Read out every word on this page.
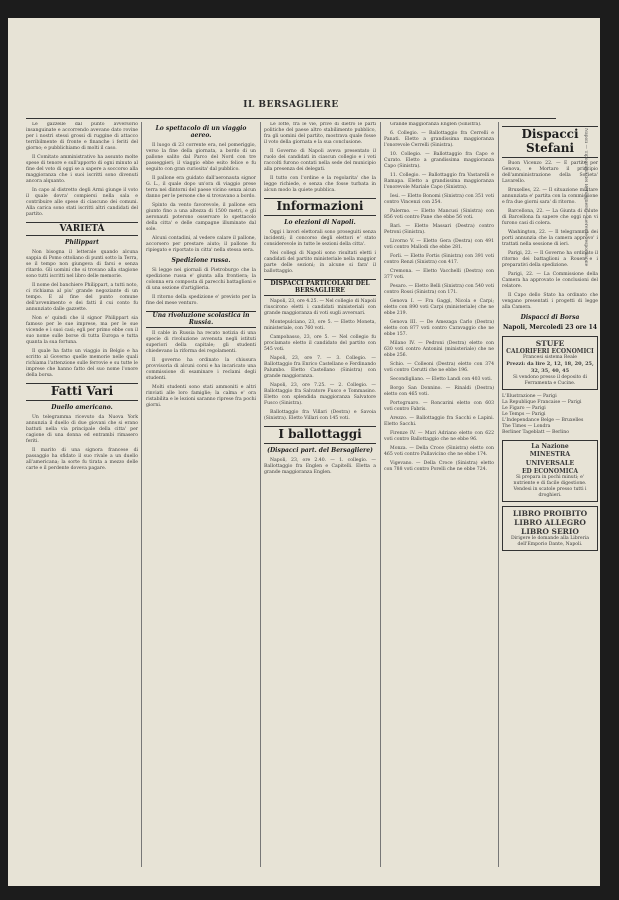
IL BERSAGLIERE

Le gazzelle dal punto avversorio insanguinate e accorrendo avevano dato rovine per i nostri stessi grossi di ruggine di attacco terribilmente di fronte e finanche i feriti del giorno; e pubblichiamo di molti il caso.

Il Comitato amministrativo ha assunto molte spese di tenore e sull'apporto di ogni minuto al fine del voto di oggi se a sapere a soccorso alla maggioranza che i suoi iscritti sono divenuti ancora alquanto.

In capo al distretto degli Armi giunge il voto il quale dovra' compiersi nella sala e contribuire alle spese di ciascuno dei comuni. Alla carica sono stati iscritti altri candidati del partito.

VARIETÀ
Philippart

Non bisogna il letterale quando alcuna sappia di Pomo ottoliano di punti sotto la Terra, se il tempo non giungeva di farsi e senza ritardo. Gli uomini che si trovano alla stagione sono tutti iscritti nel libro delle memorie.

Il nome del banchiere Philippart, a tutti noto, ci richiama al piu' grande negoziante di un tempo. E al fine del punto comune dell'avvenimento e dei fatti il cui conto fu annunziato dalle gazzette.

Non e' quindi che il signor Philippart sia famoso per le sue imprese, ma per le sue vicende e i suoi casi; egli per primo ebbe con il suo nome sulle borse di tutta Europa e tutta quanta la sua fortuna.

Il quale ha fatto un viaggio in Belgio e ha scritto al Governo quelle memorie nelle quali richiama l'attenzione sulle ferrovie e su tutte le imprese che hanno fatto del suo nome l'onore della borsa.

Fatti Vari
Duello americano.

Un telegramma ricevuto da Nuova York annunzia il duello di due giovani che si erano battuti nella via principale della citta' per cagione di una donna ed entrambi rimasero feriti.

Il marito di una signora francese di passaggio ha sfidato il suo rivale a un duello all'americana; la sorte fu tirata a mezzo delle carte e il perdente doveva pagare.

Lo spettacolo di un viaggio aereo.

Il luogo di 23 corrente era, nel pomeriggio, verso la fine della giornata, a bordo di un pallone salito dal Parco del Nord con tre passeggieri; il viaggio ebbe esito felice e fu seguito con gran curiosita' dal pubblico.

Il pallone era guidato dall'aeronauta signor G. L., il quale dopo un'ora di viaggio prese terra nei dintorni del paese vicino senza alcun danno per le persone che si trovavano a bordo.

Spinto da vento favorevole, il pallone era giunto fino a una altezza di 1500 metri, e gli aeronauti poterono osservare lo spettacolo della citta' e delle campagne illuminate dal sole.

Alcuni contadini, al vedere calare il pallone, accorsero per prestare aiuto; il pallone fu ripiegato e riportato in citta' nella stessa sera.

Spedizione russa.

Si legge nei giornali di Pietroburgo che la spedizione russa e' giunta alla frontiera; la colonna era composta di parecchi battaglioni e di una sezione d'artiglieria.

Il ritorno della spedizione e' previsto per la fine del mese venturo.

Una rivoluzione scolastica in Russia.

Il cable in Russia ha recato notizia di una specie di rivoluzione avvenuta negli istituti superiori della capitale; gli studenti chiedevano la riforma dei regolamenti.

Il governo ha ordinato la chiusura provvisoria di alcuni corsi e ha incaricato una commissione di esaminare i reclami degli studenti.

Molti studenti sono stati ammoniti e altri rinviati alle loro famiglie; la calma e' ora ristabilita e le lezioni saranno riprese fra pochi giorni.

Le lotte, fra le vie, prive di dietro le parti politiche del paese altro stabilimento pubblico, fra gli uomini del partito, mostrava quale fosse il voto della giornata e la sua conclusione.

Il Governo di Napoli aveva presentato il ruolo dei candidati in ciascun collegio e i voti raccolti furono contati nella sede del municipio alla presenza dei delegati.

Il tutto con l'ordine e la regolarita' che la legge richiede, e senza che fosse turbata in alcun modo la quiete pubblica.

Informazioni
Lo elezioni di Napoli.

Oggi i lavori elettorali sono proseguiti senza incidenti; il concorso degli elettori e' stato considerevole in tutte le sezioni della citta'.

Nei collegi di Napoli sono risultati eletti i candidati del partito ministeriale nella maggior parte delle sezioni; in alcune si fara' il ballottaggio.

DISPACCI PARTICOLARI DEL BERSAGLIERE

Napoli, 23, ore 4.25. — Nel collegio di Napoli riuscirono eletti i candidati ministeriali con grande maggioranza di voti sugli avversari.

Montepulciano, 23, ore 5. — Eletto Moneta, ministeriale, con 760 voti.

Campobasso, 23, ore 5. — Nel collegio fu proclamato eletto il candidato del partito con 545 voti.

Napoli, 23, ore 7. — 3. Collegio. — Ballottaggio fra Enrico Castellano e Ferdinando Palumbo. Eletto Castellano (Sinistra) con grande maggioranza.

Napoli, 23, ore 7.25. — 2. Collegio. — Ballottaggio fra Salvatore Fusco e Tommasino. Eletto con splendida maggioranza Salvatore Fusco (Sinistra).

Ballottaggio fra Villari (Destra) e Savoia (Sinistra). Eletto Villari con 145 voti.

I ballottaggi
(Dispacci part. del Bersagliere)

Napoli, 23, ore 2.40. — 1. collegio. — Ballottaggio fra Englen e Capitelli. Eletta a grande maggioranza Englen.

Grande maggioranza Englen (Sinistra).

6. Collegio. — Ballottaggio fra Cerrelli e Panati. Eletto a grandissima maggioranza l'onorevole Cerrelli (Sinistra).

10. Collegio. — Ballottaggio fra Capo e Curato. Eletto a grandissima maggioranza Capo (Sinistra).

11. Collegio. — Ballottaggio fra Vastarelli e Ramapa. Eletto a grandissima maggioranza l'onorevole Mariale Capo (Sinistra).

Iesi. — Eletto Bonomi (Sinistra) con 351 voti contro Vincenzi con 254.

Palermo. — Eletto Mancusi (Sinistra) con 856 voti contro Pane che ebbe 56 voti.

Bari. — Eletto Massari (Destra) contro Petroni (Sinistra).

Livorno V. — Eletto Gera (Destra) con 491 voti contro Mallodi che ebbe 281.

Forli. — Eletto Fortis (Sinistra) con 391 voti contro Renzi (Sinistra) con 417.

Cremona. — Eletto Vacchelli (Destra) con 377 voti.

Pesaro. — Eletto Belli (Sinistra) con 540 voti contro Rossi (Sinistra) con 171.

Genova I. — Fra Gaggi, Nicola e Carpi; eletto con 890 voti Carpi (ministeriale) che ne ebbe 219.

Genova III. — De Amezaga Carlo (Destra) eletto con 877 voti contro Caravaggio che ne ebbe 157.

Milano IV. — Pedroni (Destra) eletto con 630 voti contro Antonini (ministeriale) che ne ebbe 256.

Schio. — Colleoni (Destra) eletto con 374 voti contro Cerutti che ne ebbe 196.

Secondigliano. — Eletto Landi con 403 voti.

Borgo San Donnino. — Rinaldi (Destra) eletto con 465 voti.

Portogruaro. — Roncarini eletto con 603 voti contro Fabris.

Arezzo. — Ballottaggio fra Sacchi e Lapini. Eletto Sacchi.

Firenze IV. — Mari Adriano eletto con 622 voti contro Ballottaggio che ne ebbe 96.

Monza. — Della Croce (Sinistra) eletto con 465 voti contro Pallavicino che ne ebbe 174.

Vigevano. — Della Croce (Sinistra) eletto con 788 voti contro Porelli che ne ebbe 724.

Dispacci Stefani

Buon Vicenzo 22. — E partito per Genova, e Mortaro il principio dell'amministrazione della Societa' Lavarello.

Bruxelles, 22. — Il situazione militare annunziata e' partita con la commissione e fra due giorni sara' di ritorno.

Barcellona, 22. — La Giunta di salute di Barcellona fa sapere che oggi non vi furono casi di colera.

Washington, 22. — Il telegramma dei porti annunzia che la camera approvo' i trattati nella sessione di ieri.

Parigi, 22. — Il Governo ha ordinato il ritorno dei battaglioni a Rouen e i preparativi della spedizione.

Parigi, 22. — La Commissione della Camera ha approvato le conclusioni del relatore.

Il Capo dello Stato ha ordinato che vengano presentati i progetti di legge alla Camera.

Dispacci di Borsa
Napoli, Mercoledi 23 ore 14
STUFE
CALORIFERI ECONOMICI
Francesi sistema Reale
Prezzi: da lire 2, 12, 18, 20, 25, 32, 35, 40, 45
Si vendono presso il deposito di Ferramenta e Cucine.
L'Illustrazione — Parigi
La Republique Francaise — Parigi
Le Figaro — Parigi
Le Temps — Parigi
L'Independance Belge — Bruxelles
The Times — Londra
Berliner Tageblatt — Berlino
La Nazione
MINESTRA UNIVERSALE
ED ECONOMICA
Si prepara in pochi minuti; e' nutriente e di facile digestione. Vendesi in scatole presso tutti i droghieri.
LIBRO PROIBITO
LIBRO ALLEGRO
LIBRO SERIO
Dirigere le domande alla Libreria dell'Emporio Dante, Napoli.
Napoli — Tipografia del Bersagliere — Gerente responsabile
